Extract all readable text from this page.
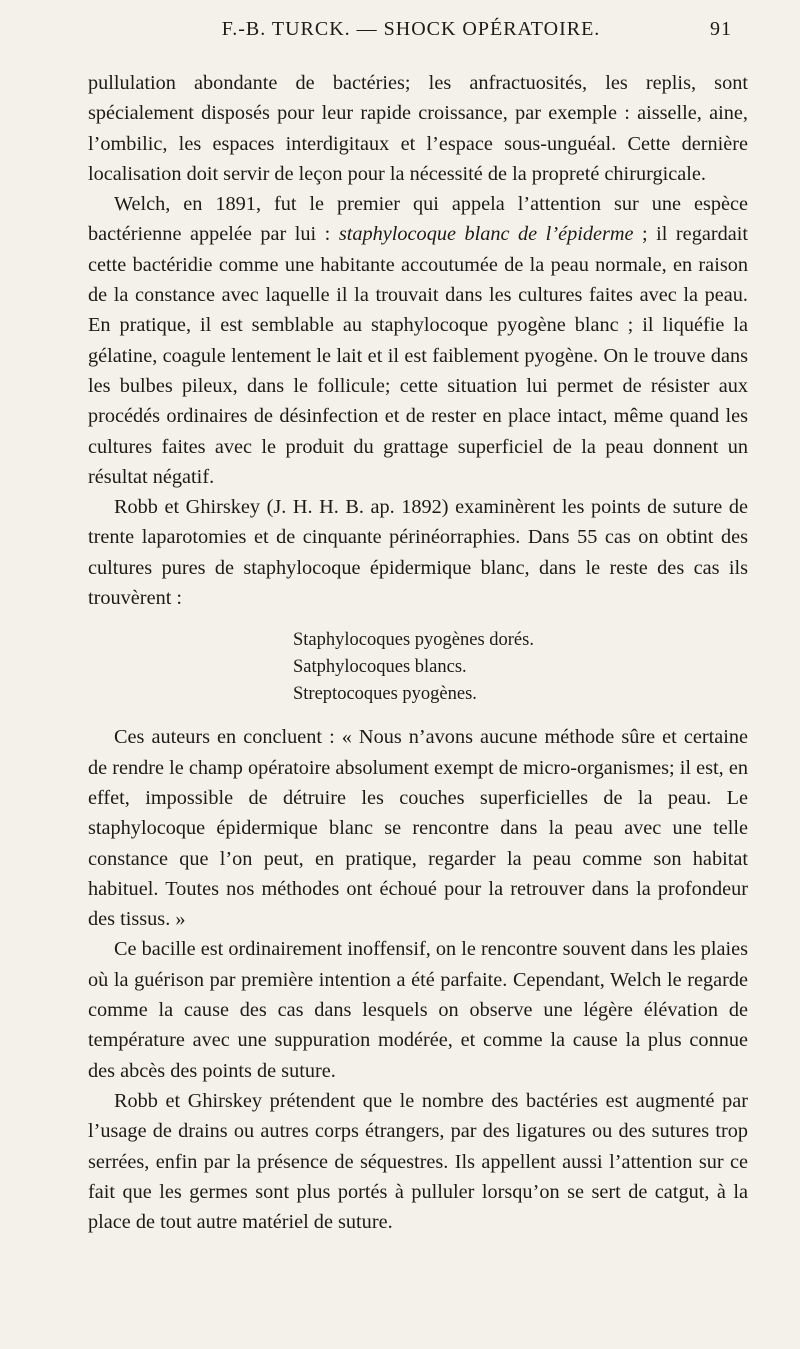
F.-B. TURCK. — SHOCK OPÉRATOIRE.	91

pullulation abondante de bactéries; les anfractuosités, les replis, sont spécialement disposés pour leur rapide croissance, par exemple : aisselle, aine, l’ombilic, les espaces interdigitaux et l’espace sous-unguéal. Cette dernière localisation doit servir de leçon pour la nécessité de la propreté chirurgicale.

Welch, en 1891, fut le premier qui appela l’attention sur une espèce bactérienne appelée par lui : staphylocoque blanc de l’épiderme ; il regardait cette bactéridie comme une habitante accoutumée de la peau normale, en raison de la constance avec laquelle il la trouvait dans les cultures faites avec la peau. En pratique, il est semblable au staphylocoque pyogène blanc ; il liquéfie la gélatine, coagule lentement le lait et il est faiblement pyogène. On le trouve dans les bulbes pileux, dans le follicule; cette situation lui permet de résister aux procédés ordinaires de désinfection et de rester en place intact, même quand les cultures faites avec le produit du grattage superficiel de la peau donnent un résultat négatif.

Robb et Ghirskey (J. H. H. B. ap. 1892) examinèrent les points de suture de trente laparotomies et de cinquante périnéorraphies. Dans 55 cas on obtint des cultures pures de staphylocoque épidermique blanc, dans le reste des cas ils trouvèrent :

Staphylocoques pyogènes dorés.
Satphylocoques blancs.
Streptocoques pyogènes.

Ces auteurs en concluent : « Nous n’avons aucune méthode sûre et certaine de rendre le champ opératoire absolument exempt de micro-organismes; il est, en effet, impossible de détruire les couches superficielles de la peau. Le staphylocoque épidermique blanc se rencontre dans la peau avec une telle constance que l’on peut, en pratique, regarder la peau comme son habitat habituel. Toutes nos méthodes ont échoué pour la retrouver dans la profondeur des tissus. »

Ce bacille est ordinairement inoffensif, on le rencontre souvent dans les plaies où la guérison par première intention a été parfaite. Cependant, Welch le regarde comme la cause des cas dans lesquels on observe une légère élévation de température avec une suppuration modérée, et comme la cause la plus connue des abcès des points de suture.

Robb et Ghirskey prétendent que le nombre des bactéries est augmenté par l’usage de drains ou autres corps étrangers, par des ligatures ou des sutures trop serrées, enfin par la présence de séquestres. Ils appellent aussi l’attention sur ce fait que les germes sont plus portés à pulluler lorsqu’on se sert de catgut, à la place de tout autre matériel de suture.
